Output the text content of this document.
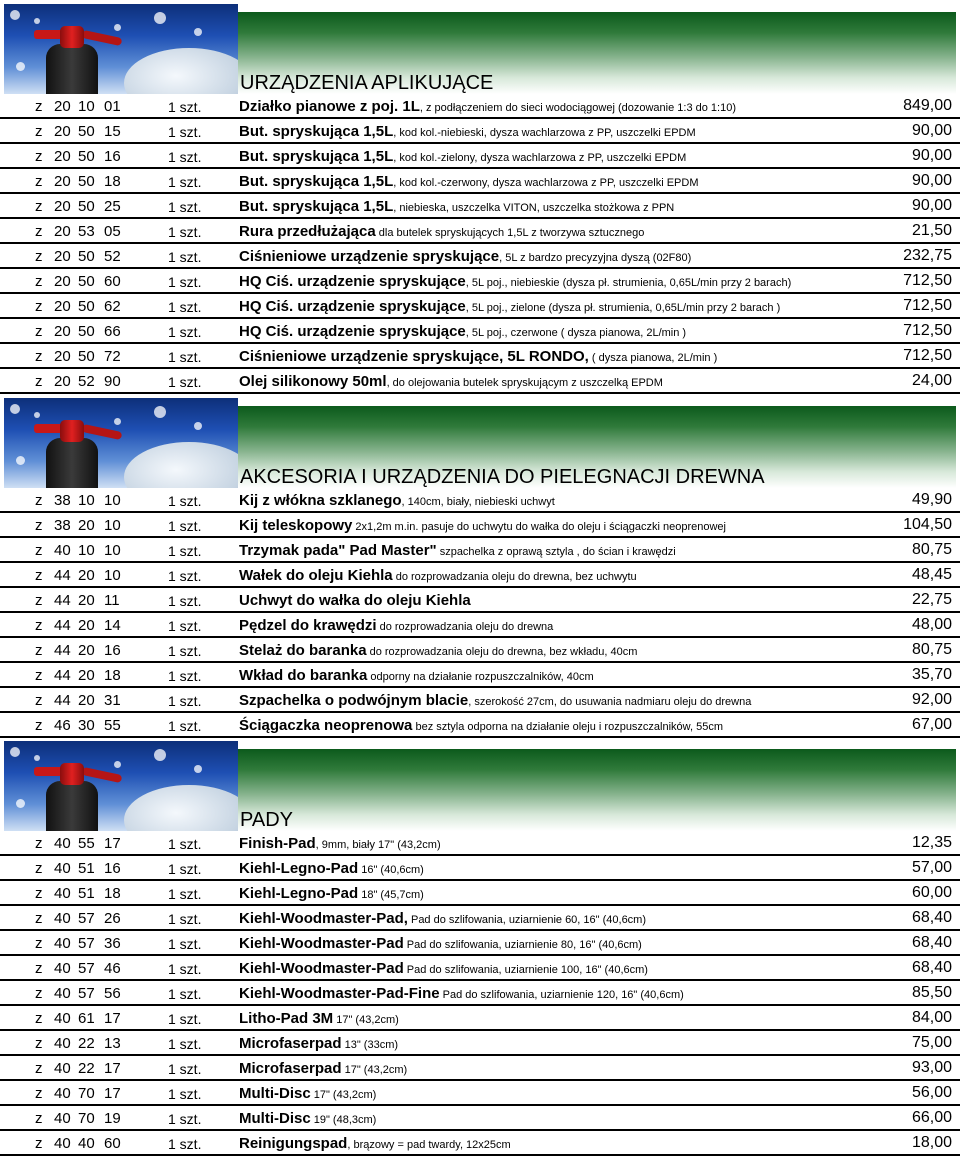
URZĄDZENIA APLIKUJĄCE
z 20 10 01	1 szt.	Działko pianowe z poj. 1L, z podłączeniem do sieci wodociągowej (dozowanie 1:3 do 1:10)	849,00
z 20 50 15	1 szt.	But. spryskująca 1,5L, kod kol.-niebieski, dysza wachlarzowa z PP, uszczelki EPDM	90,00
z 20 50 16	1 szt.	But. spryskująca 1,5L, kod kol.-zielony, dysza wachlarzowa z PP, uszczelki EPDM	90,00
z 20 50 18	1 szt.	But. spryskująca 1,5L, kod kol.-czerwony, dysza wachlarzowa z PP, uszczelki EPDM	90,00
z 20 50 25	1 szt.	But. spryskująca 1,5L, niebieska, uszczelka VITON, uszczelka stożkowa z PPN	90,00
z 20 53 05	1 szt.	Rura przedłużająca dla butelek spryskujących 1,5L z tworzywa sztucznego	21,50
z 20 50 52	1 szt.	Ciśnieniowe urządzenie spryskujące, 5L z bardzo precyzyjna dyszą (02F80)	232,75
z 20 50 60	1 szt.	HQ Ciś. urządzenie spryskujące, 5L poj., niebieskie (dysza pł. strumienia, 0,65L/min przy 2 barach)	712,50
z 20 50 62	1 szt.	HQ Ciś. urządzenie spryskujące, 5L poj., zielone (dysza pł. strumienia, 0,65L/min przy 2 barach )	712,50
z 20 50 66	1 szt.	HQ Ciś. urządzenie spryskujące, 5L poj., czerwone ( dysza pianowa, 2L/min )	712,50
z 20 50 72	1 szt.	Ciśnieniowe urządzenie spryskujące, 5L RONDO, ( dysza pianowa, 2L/min )	712,50
z 20 52 90	1 szt.	Olej silikonowy 50ml, do olejowania butelek spryskującym z uszczelką EPDM	24,00
AKCESORIA I URZĄDZENIA DO PIELEGNACJI DREWNA
z 38 10 10	1 szt.	Kij z włókna szklanego, 140cm, biały, niebieski uchwyt	49,90
z 38 20 10	1 szt.	Kij teleskopowy 2x1,2m m.in. pasuje do uchwytu do wałka do oleju i ściągaczki neoprenowej	104,50
z 40 10 10	1 szt.	Trzymak pada" Pad Master" szpachelka z oprawą sztyla , do ścian i krawędzi	80,75
z 44 20 10	1 szt.	Wałek do oleju Kiehla do rozprowadzania oleju do drewna, bez uchwytu	48,45
z 44 20 11	1 szt.	Uchwyt do wałka do oleju Kiehla	22,75
z 44 20 14	1 szt.	Pędzel do krawędzi do rozprowadzania oleju do drewna	48,00
z 44 20 16	1 szt.	Stelaż do baranka do rozprowadzania oleju do drewna, bez wkładu, 40cm	80,75
z 44 20 18	1 szt.	Wkład do baranka odporny na działanie rozpuszczalników, 40cm	35,70
z 44 20 31	1 szt.	Szpachelka o podwójnym blacie, szerokość 27cm, do usuwania nadmiaru oleju do drewna	92,00
z 46 30 55	1 szt.	Ściągaczka neoprenowa bez sztyla odporna na działanie oleju i rozpuszczalników, 55cm	67,00
PADY
z 40 55 17	1 szt.	Finish-Pad, 9mm, biały 17" (43,2cm)	12,35
z 40 51 16	1 szt.	Kiehl-Legno-Pad 16" (40,6cm)	57,00
z 40 51 18	1 szt.	Kiehl-Legno-Pad 18" (45,7cm)	60,00
z 40 57 26	1 szt.	Kiehl-Woodmaster-Pad, Pad do szlifowania, uziarnienie 60, 16" (40,6cm)	68,40
z 40 57 36	1 szt.	Kiehl-Woodmaster-Pad Pad do szlifowania, uziarnienie 80, 16" (40,6cm)	68,40
z 40 57 46	1 szt.	Kiehl-Woodmaster-Pad Pad do szlifowania, uziarnienie 100, 16" (40,6cm)	68,40
z 40 57 56	1 szt.	Kiehl-Woodmaster-Pad-Fine Pad do szlifowania, uziarnienie 120, 16" (40,6cm)	85,50
z 40 61 17	1 szt.	Litho-Pad 3M 17" (43,2cm)	84,00
z 40 22 13	1 szt.	Microfaserpad 13" (33cm)	75,00
z 40 22 17	1 szt.	Microfaserpad 17" (43,2cm)	93,00
z 40 70 17	1 szt.	Multi-Disc 17" (43,2cm)	56,00
z 40 70 19	1 szt.	Multi-Disc 19" (48,3cm)	66,00
z 40 40 60	1 szt.	Reinigungspad, brązowy = pad twardy, 12x25cm	18,00
